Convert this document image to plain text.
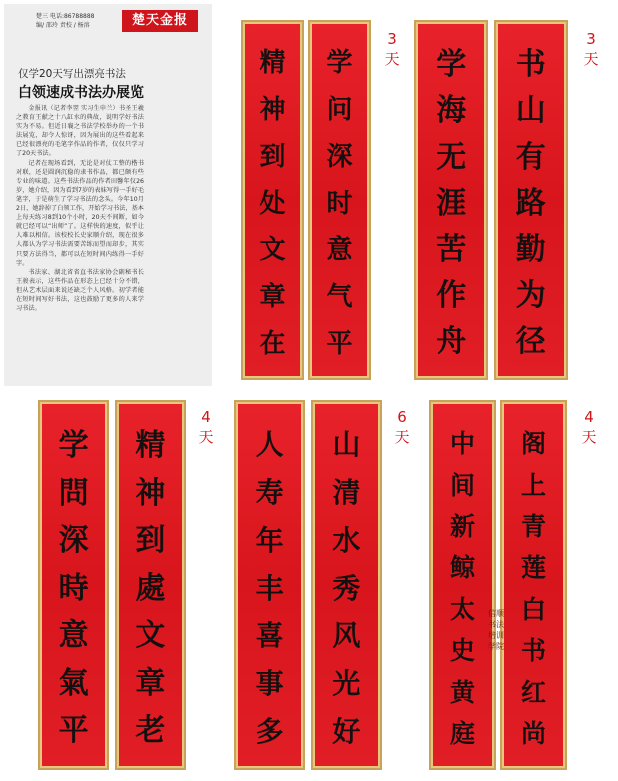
楚三 电话:86788888
编/ 邵玲 责校 / 杨溶	楚天金报
仅学20天写出漂亮书法
白领速成书法办展览

金报讯（记者李翌 实习生申兰）书圣王羲之教育王献之十八缸水的典故，说明学好书法实为不易。但近日襄之书法学校举办的一个书法展览，却令人惊讶，因为展出的这些看起来已经很漂亮的毛笔字作品的作者，仅仅只学习了20天书法。

记者在现场看到，无论是对仗工整的楷书对联，还是圆润沉稳的隶书作品，都已颇有些专业的味道。这些书法作品的作者田馨年仅26岁，她介绍，因为看到7岁的表妹写得一手好毛笔字，于是萌生了学习书法的念头。今年10月2日，她辞掉了白领工作，开始学习书法，基本上每天练习8到10个小时，20天不间断，如今就已经可以“出师”了。这样快的速度，似乎让人难以相信。该校校长史家顺介绍，现在很多人都认为学习书法需要苦练而望而却步，其实只要方法得当，都可以在短时间内练得一手好字。

书法家、湖北省省直书法家协会副秘书长王骏表示，这些作品在形态上已经十分不错，但从艺术层面来说还缺乏个人风格。初学者能在短时间写好书法，这也鼓励了更多的人来学习书法。

精
神
到
处
文
章
在
学
问
深
时
意
气
平
3
天 学
海
无
涯
苦
作
舟
书
山
有
路
勤
为
径
3
天
学
問
深
時
意
氣
平
精
神
到
處
文
章
老
4
天 人
寿
年
丰
喜
事
多
山
清
水
秀
风
光
好
6
天 中
间
新
鲸
太
史
黄
庭
阁
上
青
莲
白
书
红
尚
信顺书法培训学院
4
天
